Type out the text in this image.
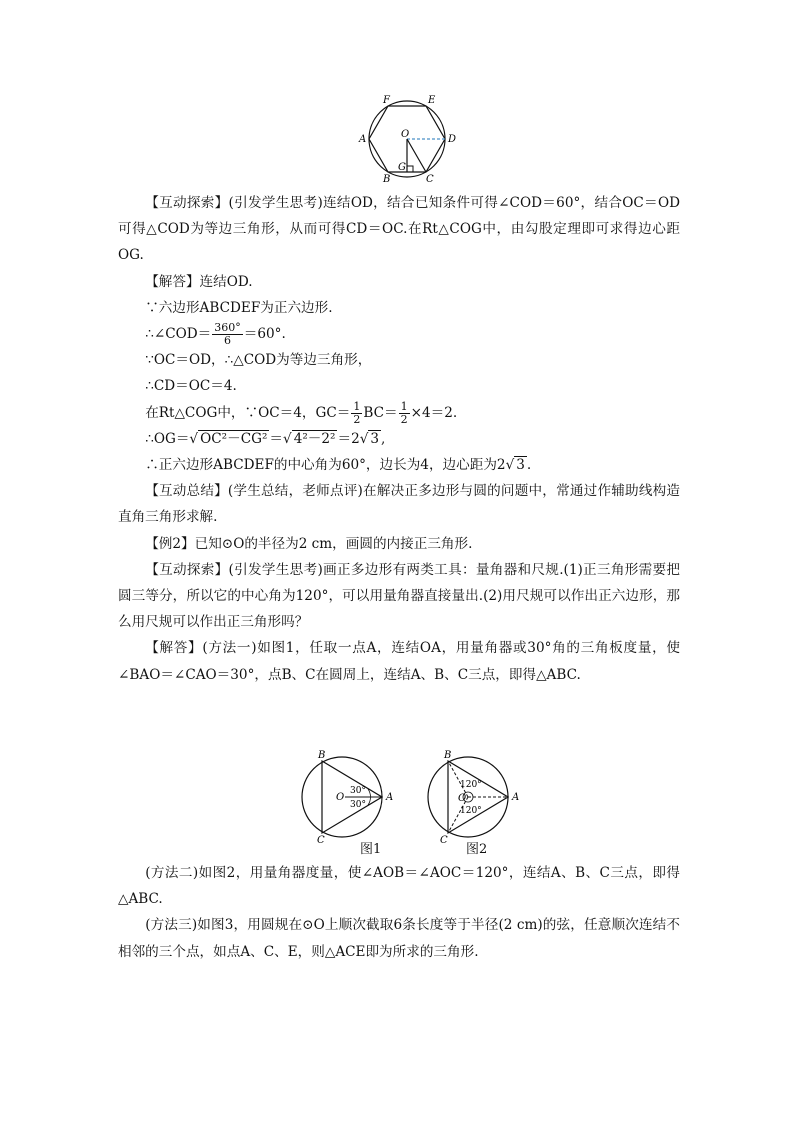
F	E
A	D
O
G
B	C

【互动探索】(引发学生思考)连结OD，结合已知条件可得∠COD＝60°，结合OC＝OD可得△COD为等边三角形，从而可得CD＝OC.在Rt△COG中，由勾股定理即可求得边心距OG.

【解答】连结OD.

∵六边形ABCDEF为正六边形.

∴∠COD＝ $\frac{360^\circ}{6} =60^\circ$.

∵OC＝OD，∴△COD为等边三角形，

∴CD＝OC＝4.

在Rt△COG中，∵OC＝4，$GC= \frac{1}{2} BC= \frac{1}{2} \times 4=2$.

∴OG＝√ OC²－CG² ＝√ 4²－2² ＝2√ 3 ,

∴正六边形ABCDEF的中心角为60°，边长为4，边心距为2√ 3 .

【互动总结】(学生总结，老师点评)在解决正多边形与圆的问题中，常通过作辅助线构造直角三角形求解.

【例2】已知⊙O的半径为2 cm，画圆的内接正三角形.

【互动探索】(引发学生思考)画正多边形有两类工具：量角器和尺规.(1)正三角形需要把圆三等分，所以它的中心角为120°，可以用量角器直接量出.(2)用尺规可以作出正六边形，那么用尺规可以作出正三角形吗？

【解答】(方法一)如图1，任取一点A，连结OA，用量角器或30°角的三角板度量，使∠BAO＝∠CAO＝30°，点B、C在圆周上，连结A、B、C三点，即得△ABC.

B
C
O	A
30°
30°
B
C
O	A
120°
120°
图1	图2

(方法二)如图2，用量角器度量，使∠AOB＝∠AOC＝120°，连结A、B、C三点，即得△ABC.

(方法三)如图3，用圆规在⊙O上顺次截取6条长度等于半径(2 cm)的弦，任意顺次连结不相邻的三个点，如点A、C、E，则△ACE即为所求的三角形.
